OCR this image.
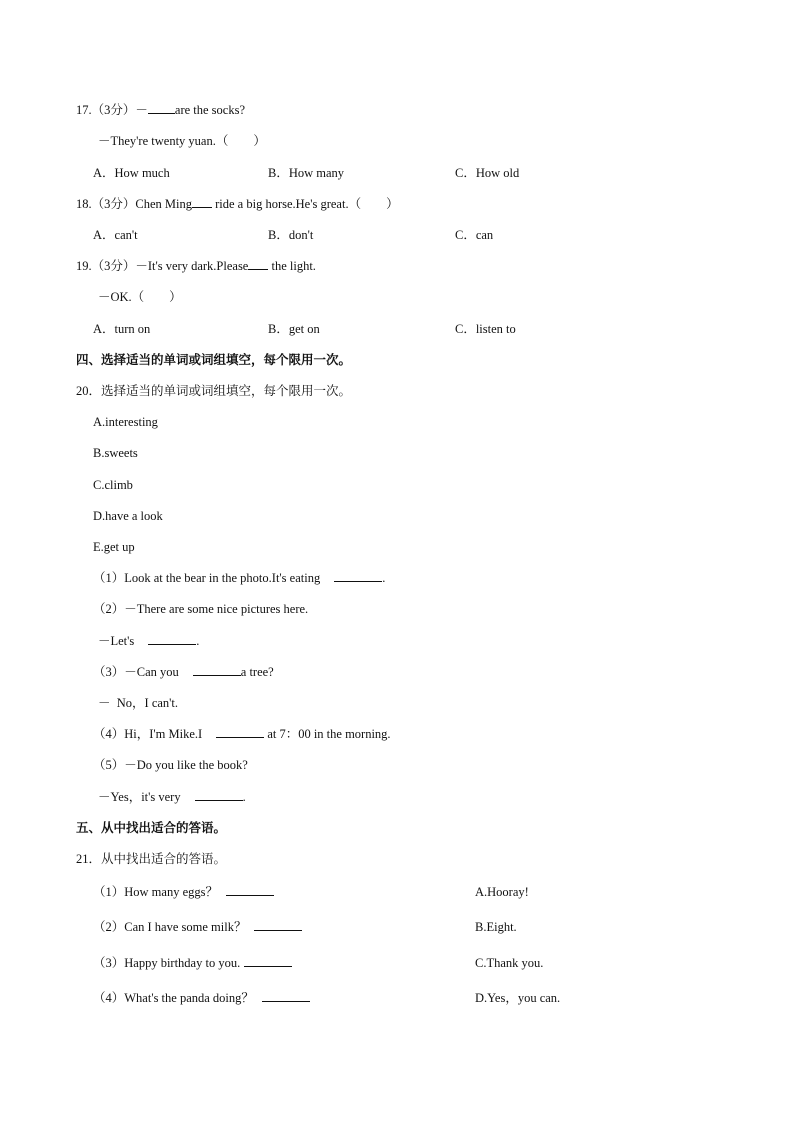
17.（3分）－ are the socks?
－They're twenty yuan.（　　）
A．How much	B．How many	C．How old
18.（3分）Chen Ming ride a big horse.He's great.（　　）
A．can't	B．don't	C．can
19.（3分）－It's very dark.Please the light.
－OK.（　　）
A．turn on	B．get on	C．listen to
四、选择适当的单词或词组填空，每个限用一次。
20．选择适当的单词或词组填空，每个限用一次。
A.interesting
B.sweets
C.climb
D.have a look
E.get up
（1）Look at the bear in the photo.It's eating	.
（2）－There are some nice pictures here.
－Let's	.
（3）－Can you	a tree?
－  No，I can't.
（4）Hi，I'm Mike.I	at 7：00 in the morning.
（5）－Do you like the book?
－Yes，it's very	.
五、从中找出适合的答语。
21．从中找出适合的答语。
（1）How many eggs？	A.Hooray!
（2）Can I have some milk？	B.Eight.
（3）Happy birthday to you.	C.Thank you.
（4）What's the panda doing？	D.Yes，you can.
